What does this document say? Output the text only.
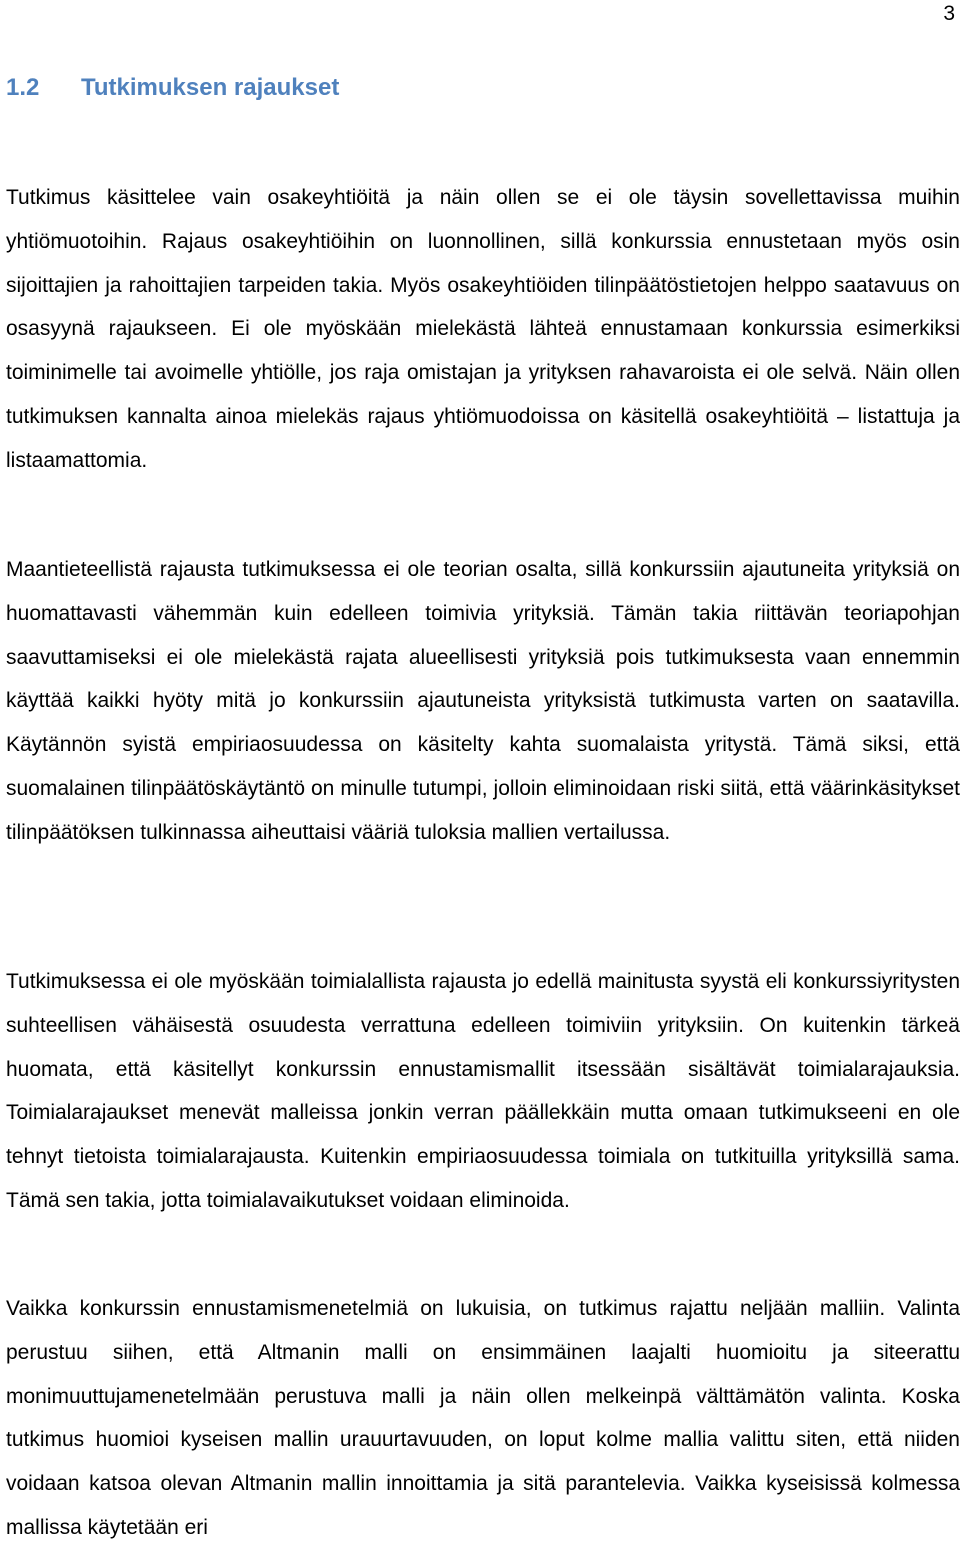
3
1.2 Tutkimuksen rajaukset

Tutkimus käsittelee vain osakeyhtiöitä ja näin ollen se ei ole täysin sovellettavissa muihin yhtiömuotoihin. Rajaus osakeyhtiöihin on luonnollinen, sillä konkurssia ennustetaan myös osin sijoittajien ja rahoittajien tarpeiden takia. Myös osakeyhtiöiden tilinpäätöstietojen helppo saatavuus on osasyynä rajaukseen. Ei ole myöskään mielekästä lähteä ennustamaan konkurssia esimerkiksi toiminimelle tai avoimelle yhtiölle, jos raja omistajan ja yrityksen rahavaroista ei ole selvä. Näin ollen tutkimuksen kannalta ainoa mielekäs rajaus yhtiömuodoissa on käsitellä osakeyhtiöitä – listattuja ja listaamattomia.

Maantieteellistä rajausta tutkimuksessa ei ole teorian osalta, sillä konkurssiin ajautuneita yrityksiä on huomattavasti vähemmän kuin edelleen toimivia yrityksiä. Tämän takia riittävän teoriapohjan saavuttamiseksi ei ole mielekästä rajata alueellisesti yrityksiä pois tutkimuksesta vaan ennemmin käyttää kaikki hyöty mitä jo konkurssiin ajautuneista yrityksistä tutkimusta varten on saatavilla. Käytännön syistä empiriaosuudessa on käsitelty kahta suomalaista yritystä. Tämä siksi, että suomalainen tilinpäätöskäytäntö on minulle tutumpi, jolloin eliminoidaan riski siitä, että väärinkäsitykset tilinpäätöksen tulkinnassa aiheuttaisi vääriä tuloksia mallien vertailussa.

Tutkimuksessa ei ole myöskään toimialallista rajausta jo edellä mainitusta syystä eli konkurssiyritysten suhteellisen vähäisestä osuudesta verrattuna edelleen toimiviin yrityksiin. On kuitenkin tärkeä huomata, että käsitellyt konkurssin ennustamismallit itsessään sisältävät toimialarajauksia. Toimialarajaukset menevät malleissa jonkin verran päällekkäin mutta omaan tutkimukseeni en ole tehnyt tietoista toimialarajausta. Kuitenkin empiriaosuudessa toimiala on tutkituilla yrityksillä sama. Tämä sen takia, jotta toimialavaikutukset voidaan eliminoida.

Vaikka konkurssin ennustamismenetelmiä on lukuisia, on tutkimus rajattu neljään malliin. Valinta perustuu siihen, että Altmanin malli on ensimmäinen laajalti huomioitu ja siteerattu monimuuttujamenetelmään perustuva malli ja näin ollen melkeinpä välttämätön valinta. Koska tutkimus huomioi kyseisen mallin urauurtavuuden, on loput kolme mallia valittu siten, että niiden voidaan katsoa olevan Altmanin mallin innoittamia ja sitä parantelevia. Vaikka kyseisissä kolmessa mallissa käytetään eri
